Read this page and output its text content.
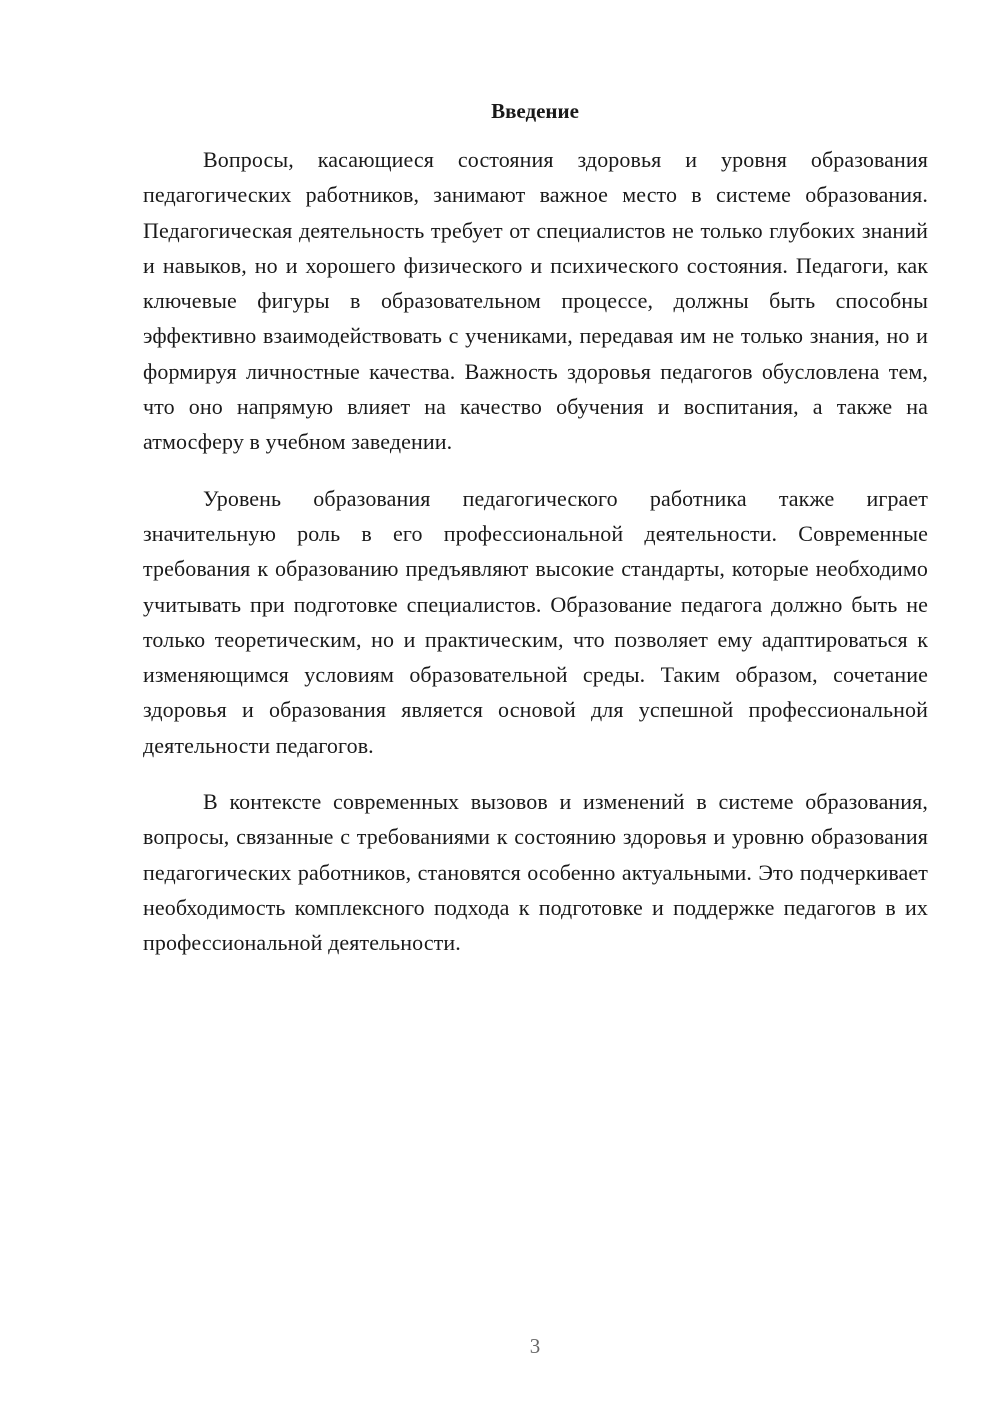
Введение

Вопросы, касающиеся состояния здоровья и уровня образования педагогических работников, занимают важное место в системе образования. Педагогическая деятельность требует от специалистов не только глубоких знаний и навыков, но и хорошего физического и психического состояния. Педагоги, как ключевые фигуры в образовательном процессе, должны быть способны эффективно взаимодействовать с учениками, передавая им не только знания, но и формируя личностные качества. Важность здоровья педагогов обусловлена тем, что оно напрямую влияет на качество обучения и воспитания, а также на атмосферу в учебном заведении.

Уровень образования педагогического работника также играет значительную роль в его профессиональной деятельности. Современные требования к образованию предъявляют высокие стандарты, которые необходимо учитывать при подготовке специалистов. Образование педагога должно быть не только теоретическим, но и практическим, что позволяет ему адаптироваться к изменяющимся условиям образовательной среды. Таким образом, сочетание здоровья и образования является основой для успешной профессиональной деятельности педагогов.

В контексте современных вызовов и изменений в системе образования, вопросы, связанные с требованиями к состоянию здоровья и уровню образования педагогических работников, становятся особенно актуальными. Это подчеркивает необходимость комплексного подхода к подготовке и поддержке педагогов в их профессиональной деятельности.

3
